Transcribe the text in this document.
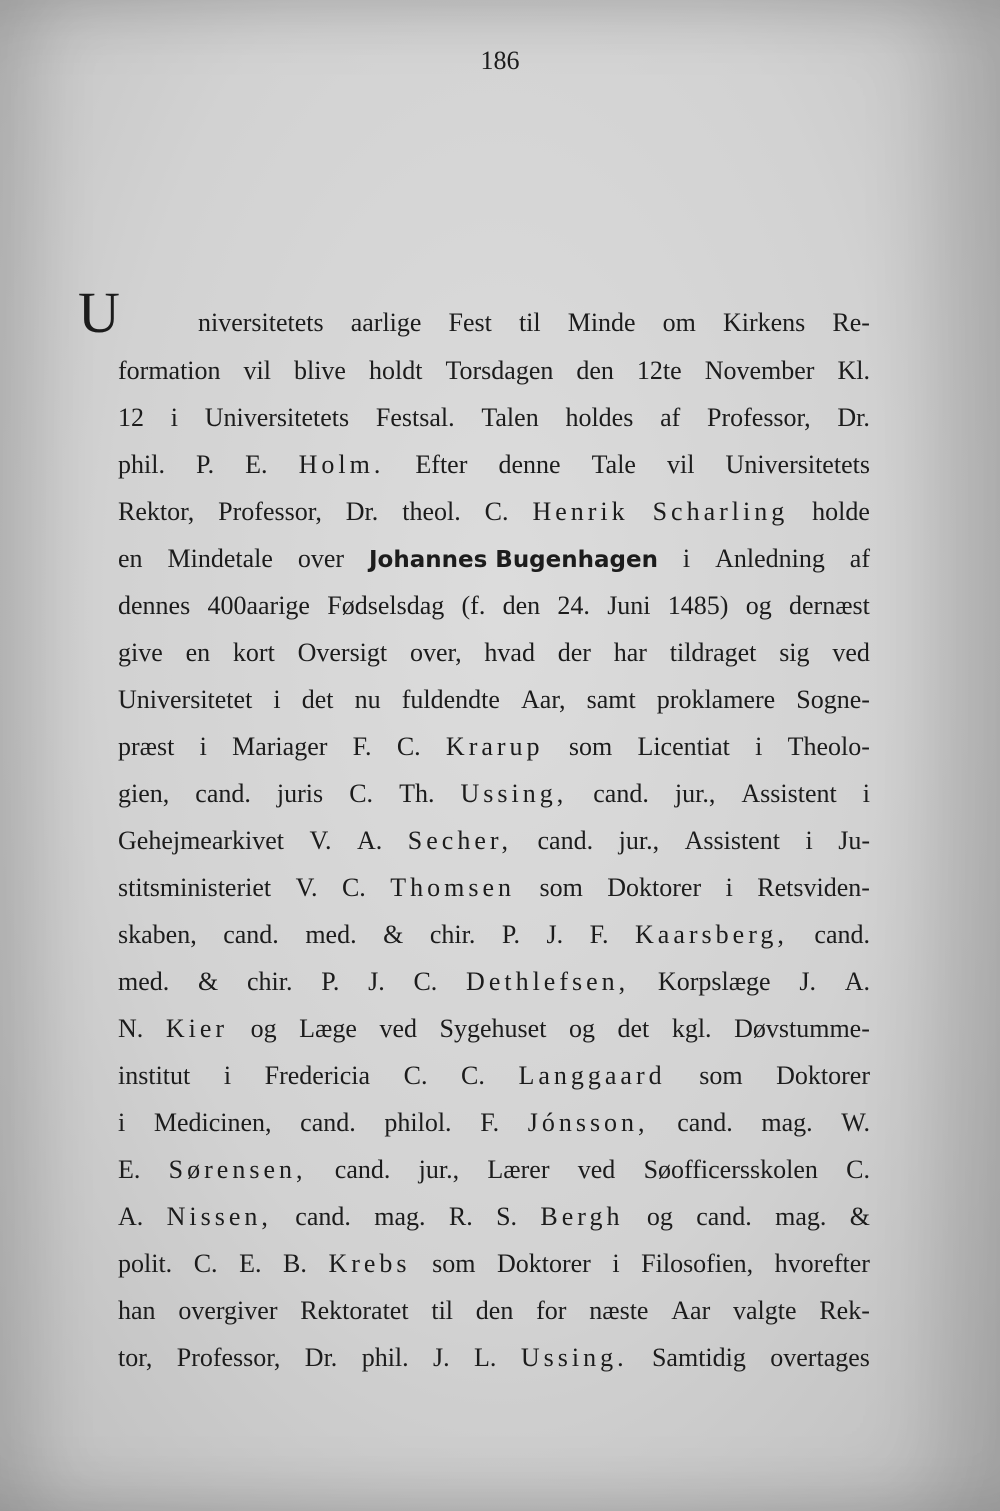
186
U	niversitetets aarlige Fest til Minde om Kirkens Re-
formation vil blive holdt Torsdagen den 12te November Kl.
12 i Universitetets Festsal. Talen holdes af Professor, Dr.
phil. P. E. Holm. Efter denne Tale vil Universitetets
Rektor, Professor, Dr. theol. C. Henrik Scharling holde
en Mindetale over Johannes Bugenhagen i Anledning af
dennes 400aarige Fødselsdag (f. den 24. Juni 1485) og dernæst
give en kort Oversigt over, hvad der har tildraget sig ved
Universitetet i det nu fuldendte Aar, samt proklamere Sogne-
præst i Mariager F. C. Krarup som Licentiat i Theolo-
gien, cand. juris C. Th. Ussing, cand. jur., Assistent i
Gehejmearkivet V. A. Secher, cand. jur., Assistent i Ju-
stitsministeriet V. C. Thomsen som Doktorer i Retsviden-
skaben, cand. med. & chir. P. J. F. Kaarsberg, cand.
med. & chir. P. J. C. Dethlefsen, Korpslæge J. A.
N. Kier og Læge ved Sygehuset og det kgl. Døvstumme-
institut i Fredericia C. C. Langgaard som Doktorer
i Medicinen, cand. philol. F. Jónsson, cand. mag. W.
E. Sørensen, cand. jur., Lærer ved Søofficersskolen C.
A. Nissen, cand. mag. R. S. Bergh og cand. mag. &
polit. C. E. B. Krebs som Doktorer i Filosofien, hvorefter
han overgiver Rektoratet til den for næste Aar valgte Rek-
tor, Professor, Dr. phil. J. L. Ussing. Samtidig overtages
